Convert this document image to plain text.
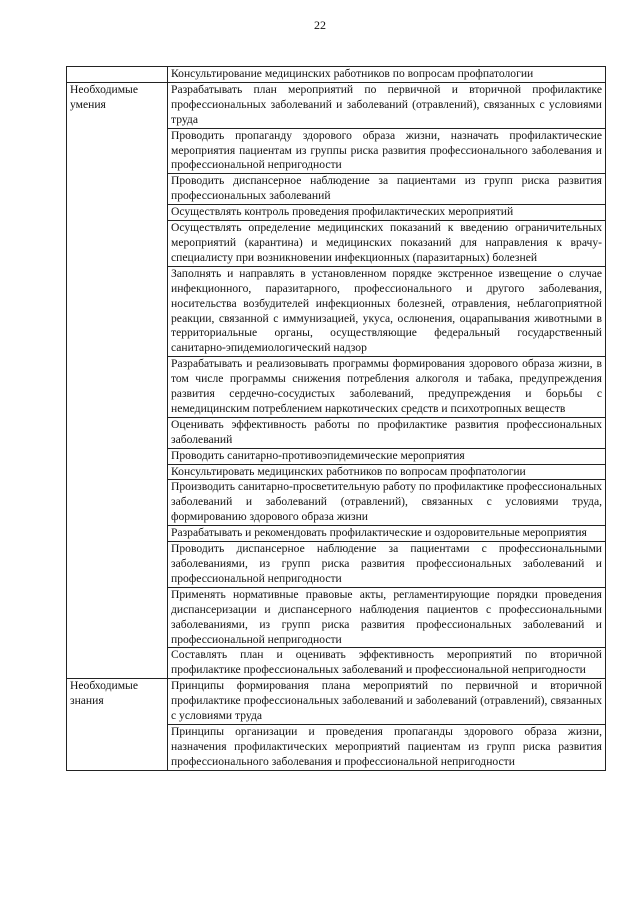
22
	Консультирование медицинских работников по вопросам профпатологии
Необходимые умения	Разрабатывать план мероприятий по первичной и вторичной профилактике профессиональных заболеваний и заболеваний (отравлений), связанных с условиями труда
	Проводить пропаганду здорового образа жизни, назначать профилактические мероприятия пациентам из группы риска развития профессионального заболевания и профессиональной непригодности
	Проводить диспансерное наблюдение за пациентами из групп риска развития профессиональных заболеваний
	Осуществлять контроль проведения профилактических мероприятий
	Осуществлять определение медицинских показаний к введению ограничительных мероприятий (карантина) и медицинских показаний для направления к врачу-специалисту при возникновении инфекционных (паразитарных) болезней
	Заполнять и направлять в установленном порядке экстренное извещение о случае инфекционного, паразитарного, профессионального и другого заболевания, носительства возбудителей инфекционных болезней, отравления, неблагоприятной реакции, связанной с иммунизацией, укуса, ослюнения, оцарапывания животными в территориальные органы, осуществляющие федеральный государственный санитарно-эпидемиологический надзор
	Разрабатывать и реализовывать программы формирования здорового образа жизни, в том числе программы снижения потребления алкоголя и табака, предупреждения развития сердечно-сосудистых заболеваний, предупреждения и борьбы с немедицинским потреблением наркотических средств и психотропных веществ
	Оценивать эффективность работы по профилактике развития профессиональных заболеваний
	Проводить санитарно-противоэпидемические мероприятия
	Консультировать медицинских работников по вопросам профпатологии
	Производить санитарно-просветительную работу по профилактике профессиональных заболеваний и заболеваний (отравлений), связанных с условиями труда, формированию здорового образа жизни
	Разрабатывать и рекомендовать профилактические и оздоровительные мероприятия
	Проводить диспансерное наблюдение за пациентами с профессиональными заболеваниями, из групп риска развития профессиональных заболеваний и профессиональной непригодности
	Применять нормативные правовые акты, регламентирующие порядки проведения диспансеризации и диспансерного наблюдения пациентов с профессиональными заболеваниями, из групп риска развития профессиональных заболеваний и профессиональной непригодности
	Составлять план и оценивать эффективность мероприятий по вторичной профилактике профессиональных заболеваний и профессиональной непригодности
Необходимые знания	Принципы формирования плана мероприятий по первичной и вторичной профилактике профессиональных заболеваний и заболеваний (отравлений), связанных с условиями труда
	Принципы организации и проведения пропаганды здорового образа жизни, назначения профилактических мероприятий пациентам из групп риска развития профессионального заболевания и профессиональной непригодности
